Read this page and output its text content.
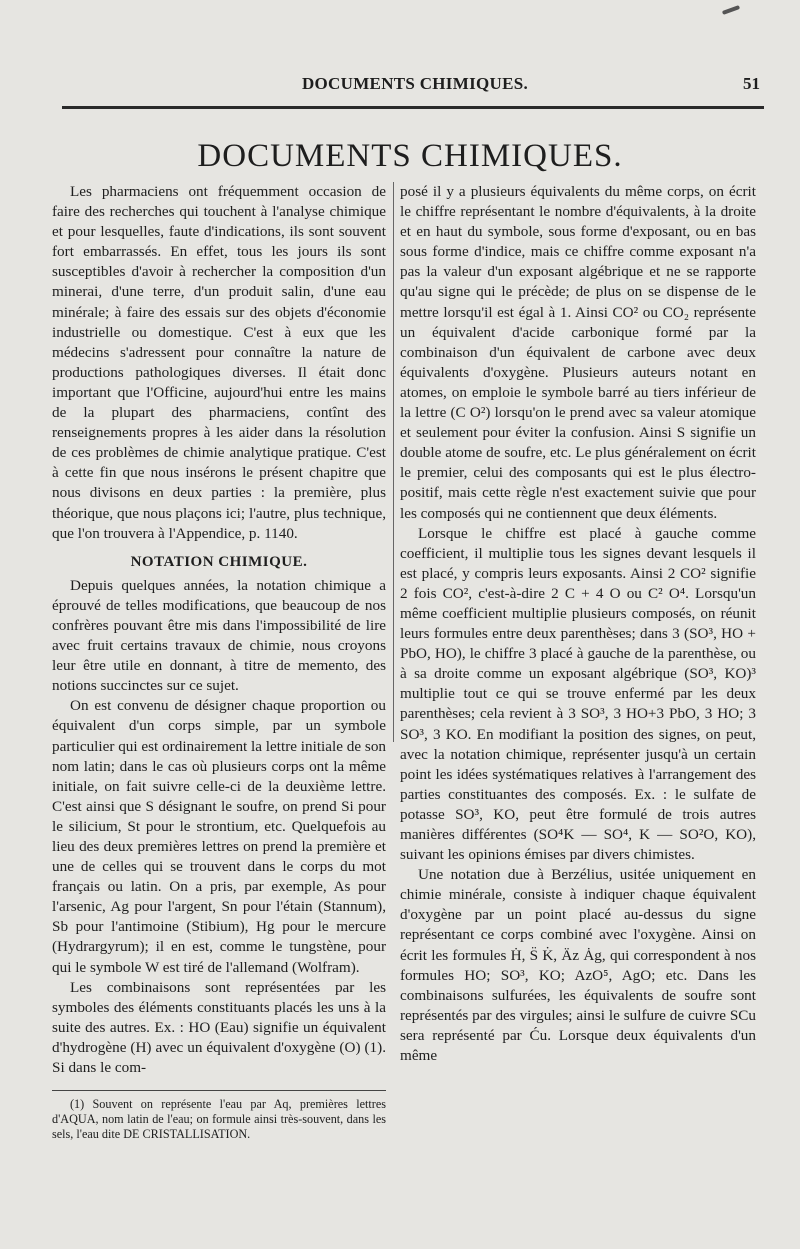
DOCUMENTS CHIMIQUES.	51
DOCUMENTS CHIMIQUES.

Les pharmaciens ont fréquemment occasion de faire des recherches qui touchent à l'analyse chimique et pour lesquelles, faute d'indications, ils sont souvent fort embarrassés. En effet, tous les jours ils sont susceptibles d'avoir à rechercher la composition d'un minerai, d'une terre, d'un produit salin, d'une eau minérale; à faire des essais sur des objets d'économie industrielle ou domestique. C'est à eux que les médecins s'adressent pour connaître la nature de productions pathologiques diverses. Il était donc important que l'Officine, aujourd'hui entre les mains de la plupart des pharmaciens, contînt des renseignements propres à les aider dans la résolution de ces problèmes de chimie analytique pratique. C'est à cette fin que nous insérons le présent chapitre que nous divisons en deux parties : la première, plus théorique, que nous plaçons ici; l'autre, plus technique, que l'on trouvera à l'Appendice, p. 1140.

NOTATION CHIMIQUE.

Depuis quelques années, la notation chimique a éprouvé de telles modifications, que beaucoup de nos confrères pouvant être mis dans l'impossibilité de lire avec fruit certains travaux de chimie, nous croyons leur être utile en donnant, à titre de memento, des notions succinctes sur ce sujet.

On est convenu de désigner chaque proportion ou équivalent d'un corps simple, par un symbole particulier qui est ordinairement la lettre initiale de son nom latin; dans le cas où plusieurs corps ont la même initiale, on fait suivre celle-ci de la deuxième lettre. C'est ainsi que S désignant le soufre, on prend Si pour le silicium, St pour le strontium, etc. Quelquefois au lieu des deux premières lettres on prend la première et une de celles qui se trouvent dans le corps du mot français ou latin. On a pris, par exemple, As pour l'arsenic, Ag pour l'argent, Sn pour l'étain (Stannum), Sb pour l'antimoine (Stibium), Hg pour le mercure (Hydrargyrum); il en est, comme le tungstène, pour qui le symbole W est tiré de l'allemand (Wolfram).

Les combinaisons sont représentées par les symboles des éléments constituants placés les uns à la suite des autres. Ex. : HO (Eau) signifie un équivalent d'hydrogène (H) avec un équivalent d'oxygène (O) (1). Si dans le com-

(1) Souvent on représente l'eau par Aq, premières lettres d'AQUA, nom latin de l'eau; on formule ainsi très-souvent, dans les sels, l'eau dite DE CRISTALLISATION.

posé il y a plusieurs équivalents du même corps, on écrit le chiffre représentant le nombre d'équivalents, à la droite et en haut du symbole, sous forme d'exposant, ou en bas sous forme d'indice, mais ce chiffre comme exposant n'a pas la valeur d'un exposant algébrique et ne se rapporte qu'au signe qui le précède; de plus on se dispense de le mettre lorsqu'il est égal à 1. Ainsi CO² ou CO₂ représente un équivalent d'acide carbonique formé par la combinaison d'un équivalent de carbone avec deux équivalents d'oxygène. Plusieurs auteurs notant en atomes, on emploie le symbole barré au tiers inférieur de la lettre (C O²) lorsqu'on le prend avec sa valeur atomique et seulement pour éviter la confusion. Ainsi S signifie un double atome de soufre, etc. Le plus généralement on écrit le premier, celui des composants qui est le plus électro-positif, mais cette règle n'est exactement suivie que pour les composés qui ne contiennent que deux éléments.

Lorsque le chiffre est placé à gauche comme coefficient, il multiplie tous les signes devant lesquels il est placé, y compris leurs exposants. Ainsi 2 CO² signifie 2 fois CO², c'est-à-dire 2 C + 4 O ou C² O⁴. Lorsqu'un même coefficient multiplie plusieurs composés, on réunit leurs formules entre deux parenthèses; dans 3 (SO³, HO + PbO, HO), le chiffre 3 placé à gauche de la parenthèse, ou à sa droite comme un exposant algébrique (SO³, KO)³ multiplie tout ce qui se trouve enfermé par les deux parenthèses; cela revient à 3 SO³, 3 HO+3 PbO, 3 HO; 3 SO³, 3 KO. En modifiant la position des signes, on peut, avec la notation chimique, représenter jusqu'à un certain point les idées systématiques relatives à l'arrangement des parties constituantes des composés. Ex. : le sulfate de potasse SO³, KO, peut être formulé de trois autres manières différentes (SO⁴K — SO⁴, K — SO²O, KO), suivant les opinions émises par divers chimistes.

Une notation due à Berzélius, usitée uniquement en chimie minérale, consiste à indiquer chaque équivalent d'oxygène par un point placé au-dessus du signe représentant ce corps combiné avec l'oxygène. Ainsi on écrit les formules Ḣ, S̈ K̇, Äz Ȧg, qui correspondent à nos formules HO; SO³, KO; AzO⁵, AgO; etc. Dans les combinaisons sulfurées, les équivalents de soufre sont représentés par des virgules; ainsi le sulfure de cuivre SCu sera représenté par Ću. Lorsque deux équivalents d'un même
